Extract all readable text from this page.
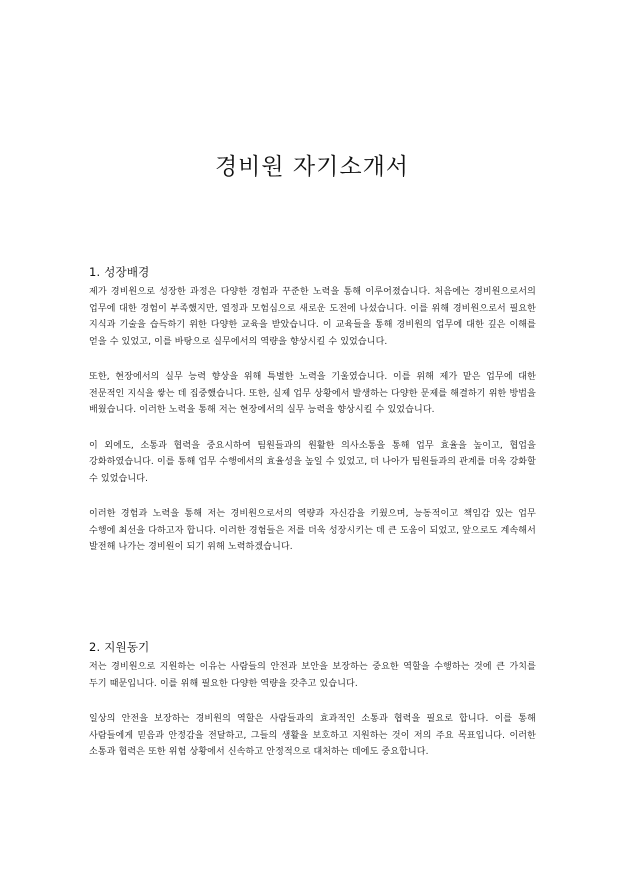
경비원 자기소개서
1. 성장배경

제가 경비원으로 성장한 과정은 다양한 경험과 꾸준한 노력을 통해 이루어졌습니다. 처음에는 경비원으로서의 업무에 대한 경험이 부족했지만, 열정과 모험심으로 새로운 도전에 나섰습니다. 이를 위해 경비원으로서 필요한 지식과 기술을 습득하기 위한 다양한 교육을 받았습니다. 이 교육들을 통해 경비원의 업무에 대한 깊은 이해를 얻을 수 있었고, 이를 바탕으로 실무에서의 역량을 향상시킬 수 있었습니다.

또한, 현장에서의 실무 능력 향상을 위해 특별한 노력을 기울였습니다. 이를 위해 제가 맡은 업무에 대한 전문적인 지식을 쌓는 데 집중했습니다. 또한, 실제 업무 상황에서 발생하는 다양한 문제를 해결하기 위한 방법을 배웠습니다. 이러한 노력을 통해 저는 현장에서의 실무 능력을 향상시킬 수 있었습니다.

이 외에도, 소통과 협력을 중요시하여 팀원들과의 원활한 의사소통을 통해 업무 효율을 높이고, 협업을 강화하였습니다. 이를 통해 업무 수행에서의 효율성을 높일 수 있었고, 더 나아가 팀원들과의 관계를 더욱 강화할 수 있었습니다.

이러한 경험과 노력을 통해 저는 경비원으로서의 역량과 자신감을 키웠으며, 능동적이고 책임감 있는 업무 수행에 최선을 다하고자 합니다. 이러한 경험들은 저를 더욱 성장시키는 데 큰 도움이 되었고, 앞으로도 계속해서 발전해 나가는 경비원이 되기 위해 노력하겠습니다.

2. 지원동기

저는 경비원으로 지원하는 이유는 사람들의 안전과 보안을 보장하는 중요한 역할을 수행하는 것에 큰 가치를 두기 때문입니다. 이를 위해 필요한 다양한 역량을 갖추고 있습니다.

일상의 안전을 보장하는 경비원의 역할은 사람들과의 효과적인 소통과 협력을 필요로 합니다. 이를 통해 사람들에게 믿음과 안정감을 전달하고, 그들의 생활을 보호하고 지원하는 것이 저의 주요 목표입니다. 이러한 소통과 협력은 또한 위험 상황에서 신속하고 안정적으로 대처하는 데에도 중요합니다.
